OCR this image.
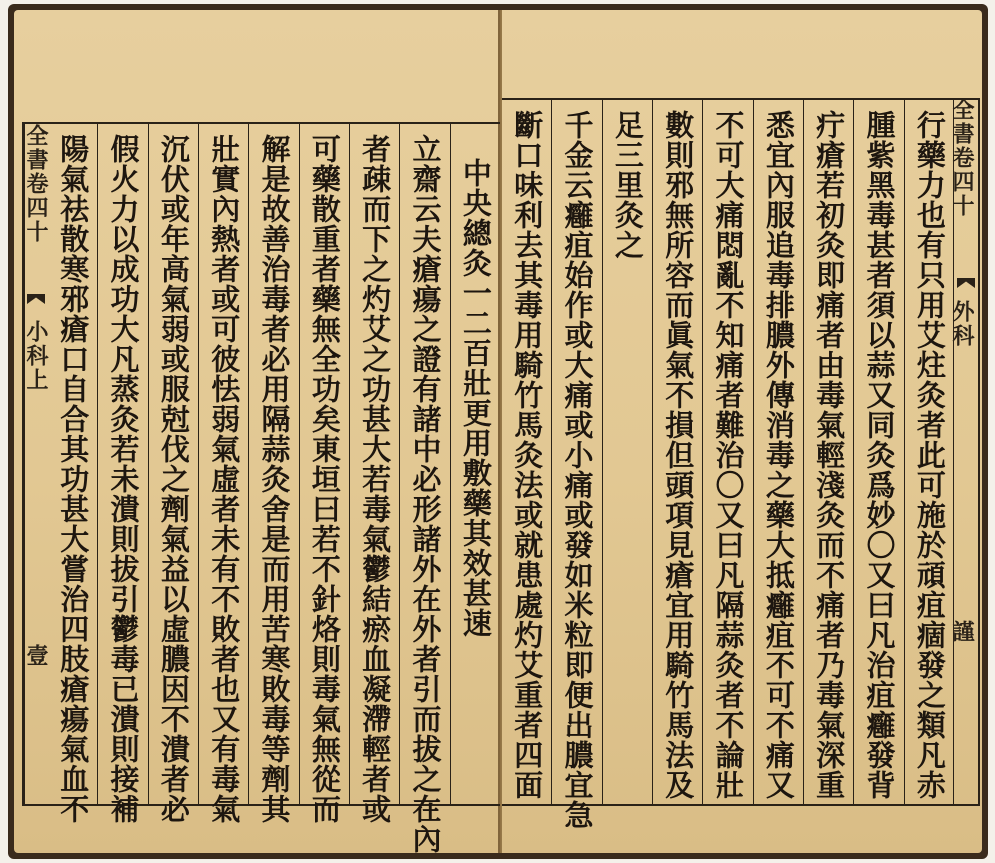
全書卷四十
小科上
壹
中央總灸一二百壯更用敷藥其效甚速
立齋云夫瘡瘍之證有諸中必形諸外在外者引而拔之在內
者疎而下之灼艾之功甚大若毒氣鬱結瘀血凝滯輕者或
可藥散重者藥無全功矣東垣曰若不針烙則毒氣無從而
解是故善治毒者必用隔蒜灸舍是而用苦寒敗毒等劑其
壯實內熱者或可彼怯弱氣虛者未有不敗者也又有毒氣
沉伏或年高氣弱或服尅伐之劑氣益以虛膿因不潰者必
假火力以成功大凡蒸灸若未潰則拔引鬱毒已潰則接補
陽氣祛散寒邪瘡口自合其功甚大嘗治四肢瘡瘍氣血不	全書卷四十
外科
謹
行藥力也有只用艾炷灸者此可施於頑疽痼發之類凡赤
腫紫黑毒甚者須以蒜又同灸爲妙〇又曰凡治疽癰發背
疔瘡若初灸即痛者由毒氣輕淺灸而不痛者乃毒氣深重
悉宜內服追毒排膿外傳消毒之藥大抵癰疽不可不痛又
不可大痛悶亂不知痛者難治〇又曰凡隔蒜灸者不論壯
數則邪無所容而眞氣不損但頭項見瘡宜用騎竹馬法及
足三里灸之
千金云癰疽始作或大痛或小痛或發如米粒即便出膿宜急
斷口味利去其毒用騎竹馬灸法或就患處灼艾重者四面
